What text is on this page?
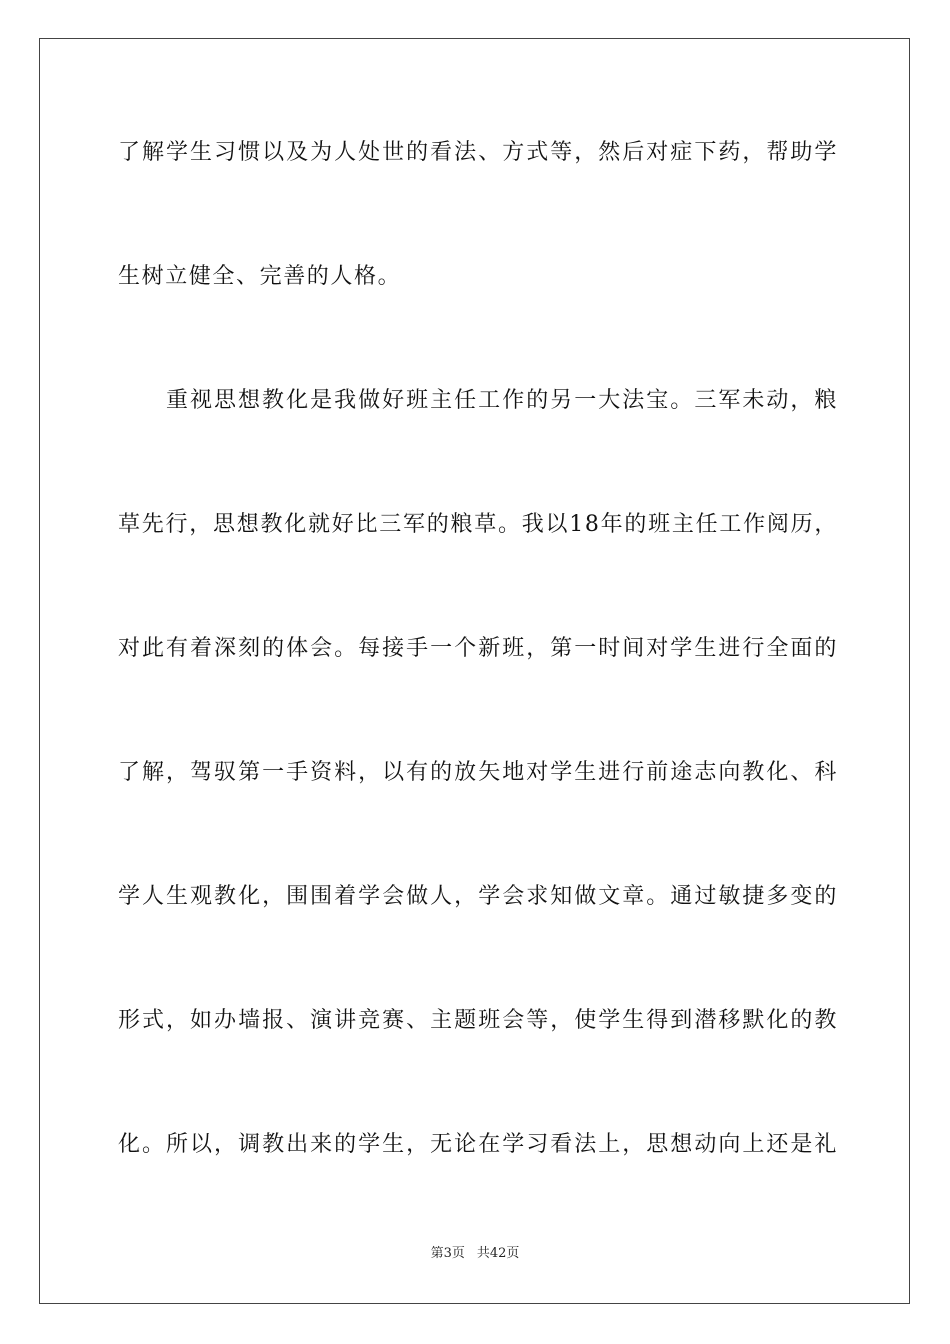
了解学生习惯以及为人处世的看法、方式等，然后对症下药，帮助学
生树立健全、完善的人格。
重视思想教化是我做好班主任工作的另一大法宝。三军未动，粮
草先行，思想教化就好比三军的粮草。我以18年的班主任工作阅历，
对此有着深刻的体会。每接手一个新班，第一时间对学生进行全面的
了解，驾驭第一手资料，以有的放矢地对学生进行前途志向教化、科
学人生观教化，围围着学会做人，学会求知做文章。通过敏捷多变的
形式，如办墙报、演讲竞赛、主题班会等，使学生得到潜移默化的教
化。所以，调教出来的学生，无论在学习看法上，思想动向上还是礼
第3页 共42页
